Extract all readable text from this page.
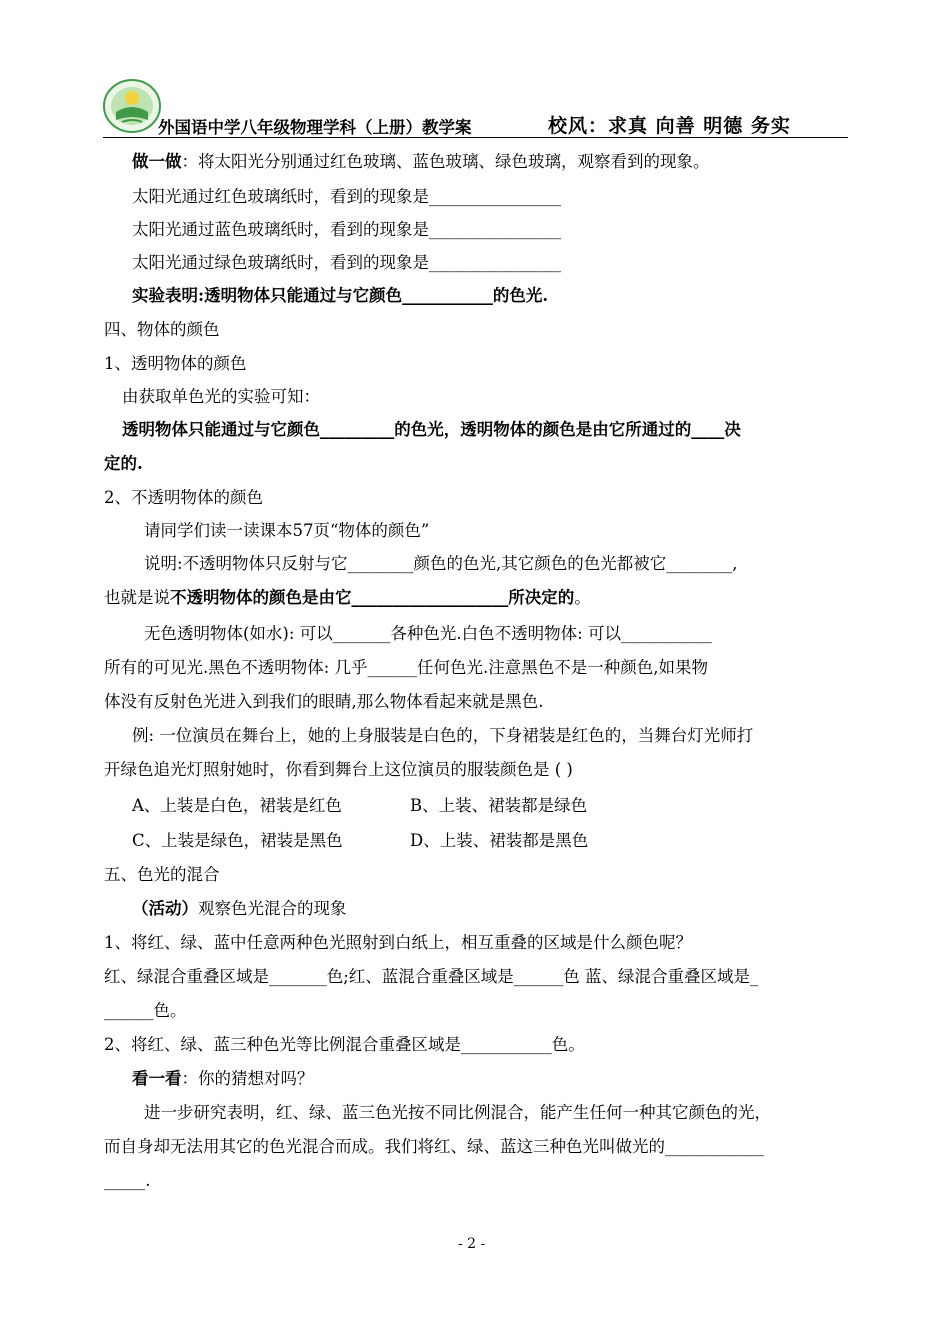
外国语中学八年级物理学科（上册）教学案	校风：求真 向善 明德 务实
做一做：将太阳光分别通过红色玻璃、蓝色玻璃、绿色玻璃，观察看到的现象。
太阳光通过红色玻璃纸时，看到的现象是________________
太阳光通过蓝色玻璃纸时，看到的现象是________________
太阳光通过绿色玻璃纸时，看到的现象是________________
实验表明:透明物体只能通过与它颜色___________的色光.
四、物体的颜色
1、透明物体的颜色
由获取单色光的实验可知：
透明物体只能通过与它颜色_________的色光，透明物体的颜色是由它所通过的____决
定的.
2、不透明物体的颜色
请同学们读一读课本57页“物体的颜色”
说明:不透明物体只反射与它________颜色的色光,其它颜色的色光都被它________,
也就是说不透明物体的颜色是由它___________________所决定的。
无色透明物体(如水): 可以_______各种色光.白色不透明物体: 可以___________
所有的可见光.黑色不透明物体: 几乎______任何色光.注意黑色不是一种颜色,如果物
体没有反射色光进入到我们的眼睛,那么物体看起来就是黑色.
例: 一位演员在舞台上，她的上身服装是白色的，下身裙装是红色的，当舞台灯光师打
开绿色追光灯照射她时，你看到舞台上这位演员的服装颜色是 ( )
A、上装是白色，裙装是红色	B、上装、裙装都是绿色
C、上装是绿色，裙装是黑色	D、上装、裙装都是黑色
五、色光的混合
（活动）观察色光混合的现象
1、将红、绿、蓝中任意两种色光照射到白纸上，相互重叠的区域是什么颜色呢？
红、绿混合重叠区域是_______色;红、蓝混合重叠区域是______色 蓝、绿混合重叠区域是_
______色。
2、将红、绿、蓝三种色光等比例混合重叠区域是___________色。
看一看：你的猜想对吗？
进一步研究表明，红、绿、蓝三色光按不同比例混合，能产生任何一种其它颜色的光，
而自身却无法用其它的色光混合而成。我们将红、绿、蓝这三种色光叫做光的____________
_____.
- 2 -
